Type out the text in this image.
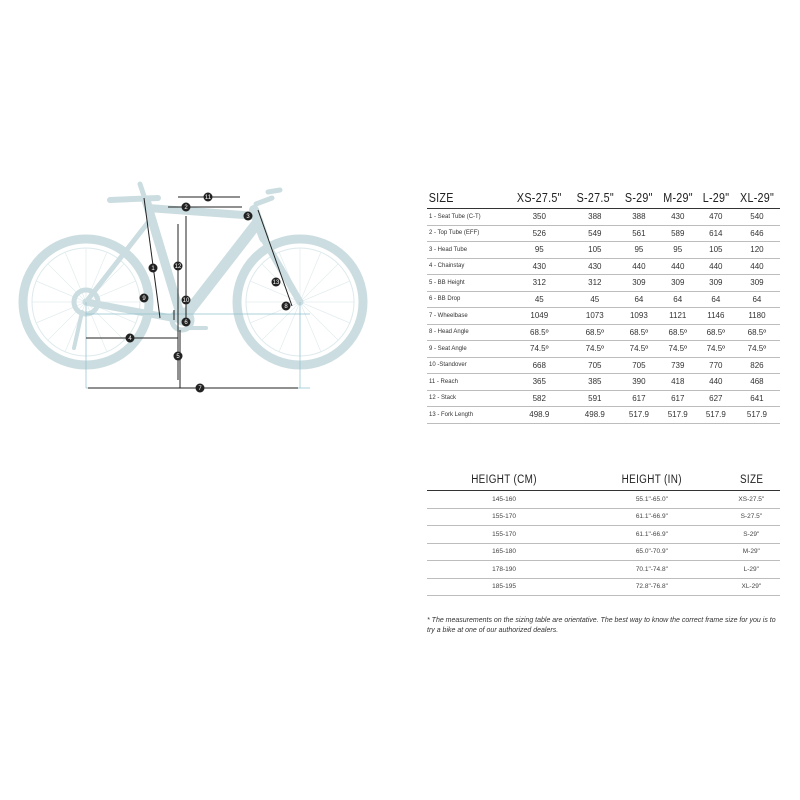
1
2
3
4
5
6
7
8
9	10
11
12
13
SIZE	XS-27.5"	S-27.5"	S-29"	M-29"	L-29"	XL-29"
1 - Seat Tube (C-T)	350	388	388	430	470	540
2 - Top Tube (EFF)	526	549	561	589	614	646
3 - Head Tube	95	105	95	95	105	120
4 - Chainstay	430	430	440	440	440	440
5 - BB Height	312	312	309	309	309	309
6 - BB Drop	45	45	64	64	64	64
7 - Wheelbase	1049	1073	1093	1121	1146	1180
8 - Head Angle	68.5º	68.5º	68.5º	68.5º	68.5º	68.5º
9 - Seat Angle	74.5º	74.5º	74.5º	74.5º	74.5º	74.5º
10 -Standover	668	705	705	739	770	826
11 - Reach	365	385	390	418	440	468
12 - Stack	582	591	617	617	627	641
13 - Fork Length	498.9	498.9	517.9	517.9	517.9	517.9
HEIGHT (CM)	HEIGHT (IN)	SIZE
145-160	55.1"-65.0"	XS-27.5"
155-170	61.1"-66.9"	S-27.5"
155-170	61.1"-66.9"	S-29"
165-180	65.0"-70.9"	M-29"
178-190	70.1"-74.8"	L-29"
185-195	72.8"-76.8"	XL-29"
* The measurements on the sizing table are orientative. The best way to know the correct frame size for you is to try a bike at one of our authorized dealers.
